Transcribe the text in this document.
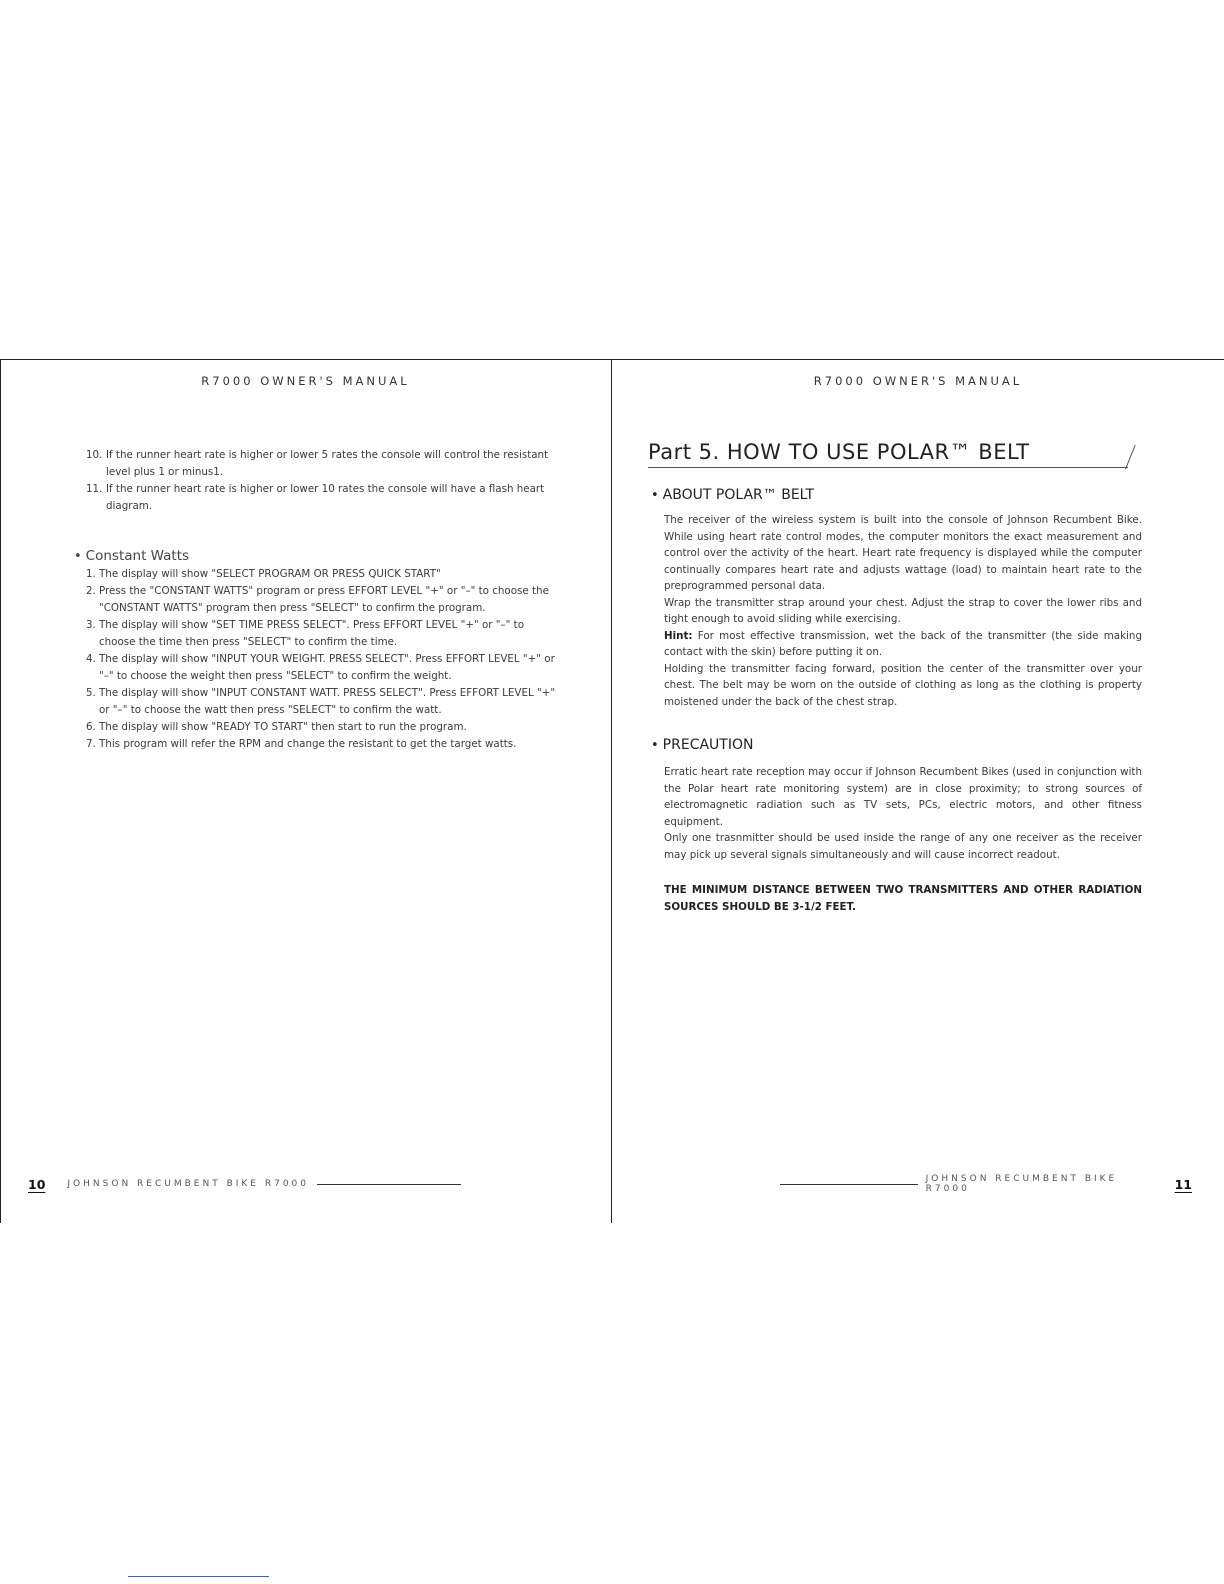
R7000 OWNER'S MANUAL	R7000 OWNER'S MANUAL
10. If the runner heart rate is higher or lower 5 rates the console will control the resistant level plus 1 or minus1.
11. If the runner heart rate is higher or lower 10 rates the console will have a flash heart diagram.
• Constant Watts
1. The display will show "SELECT PROGRAM OR PRESS QUICK START"
2. Press the "CONSTANT WATTS" program or press EFFORT LEVEL "+" or "–" to choose the "CONSTANT WATTS" program then press "SELECT" to confirm the program.
3. The display will show "SET TIME PRESS SELECT". Press EFFORT LEVEL "+" or "–" to choose the time then press "SELECT" to confirm the time.
4. The display will show "INPUT YOUR WEIGHT. PRESS SELECT". Press EFFORT LEVEL "+" or "–" to choose the weight then press "SELECT" to confirm the weight.
5. The display will show "INPUT CONSTANT WATT. PRESS SELECT". Press EFFORT LEVEL "+" or "–" to choose the watt then press "SELECT" to confirm the watt.
6. The display will show "READY TO START" then start to run the program.
7. This program will refer the RPM and change the resistant to get the target watts.
10 JOHNSON RECUMBENT BIKE R7000
Part 5. HOW TO USE POLAR™ BELT
• ABOUT POLAR™ BELT

The receiver of the wireless system is built into the console of Johnson Recumbent Bike. While using heart rate control modes, the computer monitors the exact measurement and control over the activity of the heart. Heart rate frequency is displayed while the computer continually compares heart rate and adjusts wattage (load) to maintain heart rate to the preprogrammed personal data.

Wrap the transmitter strap around your chest. Adjust the strap to cover the lower ribs and tight enough to avoid sliding while exercising.

Hint: For most effective transmission, wet the back of the transmitter (the side making contact with the skin) before putting it on.

Holding the transmitter facing forward, position the center of the transmitter over your chest. The belt may be worn on the outside of clothing as long as the clothing is property moistened under the back of the chest strap.

• PRECAUTION

Erratic heart rate reception may occur if Johnson Recumbent Bikes (used in conjunction with the Polar heart rate monitoring system) are in close proximity; to strong sources of electromagnetic radiation such as TV sets, PCs, electric motors, and other fitness equipment.

Only one trasnmitter should be used inside the range of any one receiver as the receiver may pick up several signals simultaneously and will cause incorrect readout.

THE MINIMUM DISTANCE BETWEEN TWO TRANSMITTERS AND OTHER RADIATION SOURCES SHOULD BE 3-1/2 FEET.
JOHNSON RECUMBENT BIKE R7000	11
